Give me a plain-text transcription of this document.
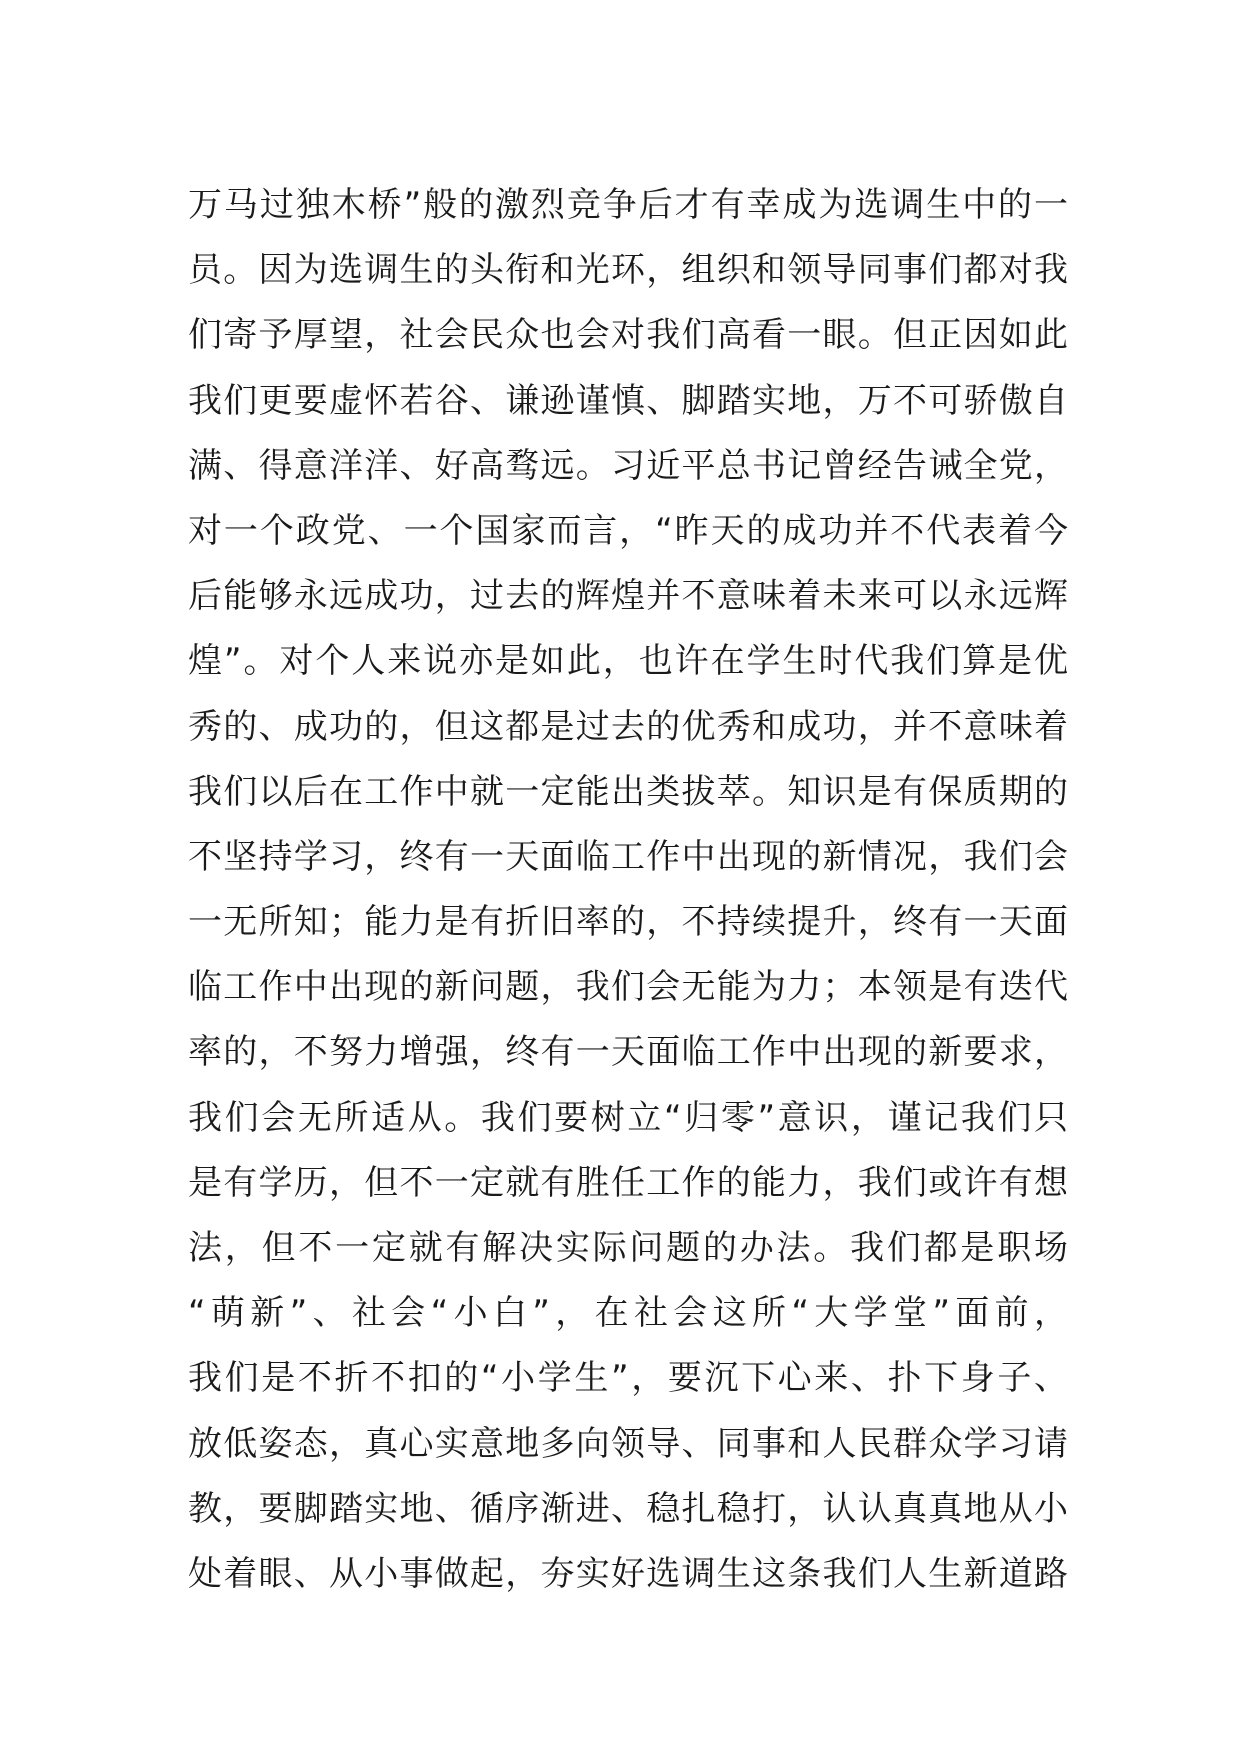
万马过独木桥”般的激烈竞争后才有幸成为选调生中的一
员。因为选调生的头衔和光环，组织和领导同事们都对我
们寄予厚望，社会民众也会对我们高看一眼。但正因如此
我们更要虚怀若谷、谦逊谨慎、脚踏实地，万不可骄傲自
满、得意洋洋、好高骛远。习近平总书记曾经告诫全党，
对一个政党、一个国家而言，“昨天的成功并不代表着今
后能够永远成功，过去的辉煌并不意味着未来可以永远辉
煌”。对个人来说亦是如此，也许在学生时代我们算是优
秀的、成功的，但这都是过去的优秀和成功，并不意味着
我们以后在工作中就一定能出类拔萃。知识是有保质期的
不坚持学习，终有一天面临工作中出现的新情况，我们会
一无所知；能力是有折旧率的，不持续提升，终有一天面
临工作中出现的新问题，我们会无能为力；本领是有迭代
率的，不努力增强，终有一天面临工作中出现的新要求，
我们会无所适从。我们要树立“归零”意识，谨记我们只
是有学历，但不一定就有胜任工作的能力，我们或许有想
法，但不一定就有解决实际问题的办法。我们都是职场
“萌新”、社会“小白”，在社会这所“大学堂”面前，
我们是不折不扣的“小学生”，要沉下心来、扑下身子、
放低姿态，真心实意地多向领导、同事和人民群众学习请
教，要脚踏实地、循序渐进、稳扎稳打，认认真真地从小
处着眼、从小事做起，夯实好选调生这条我们人生新道路
